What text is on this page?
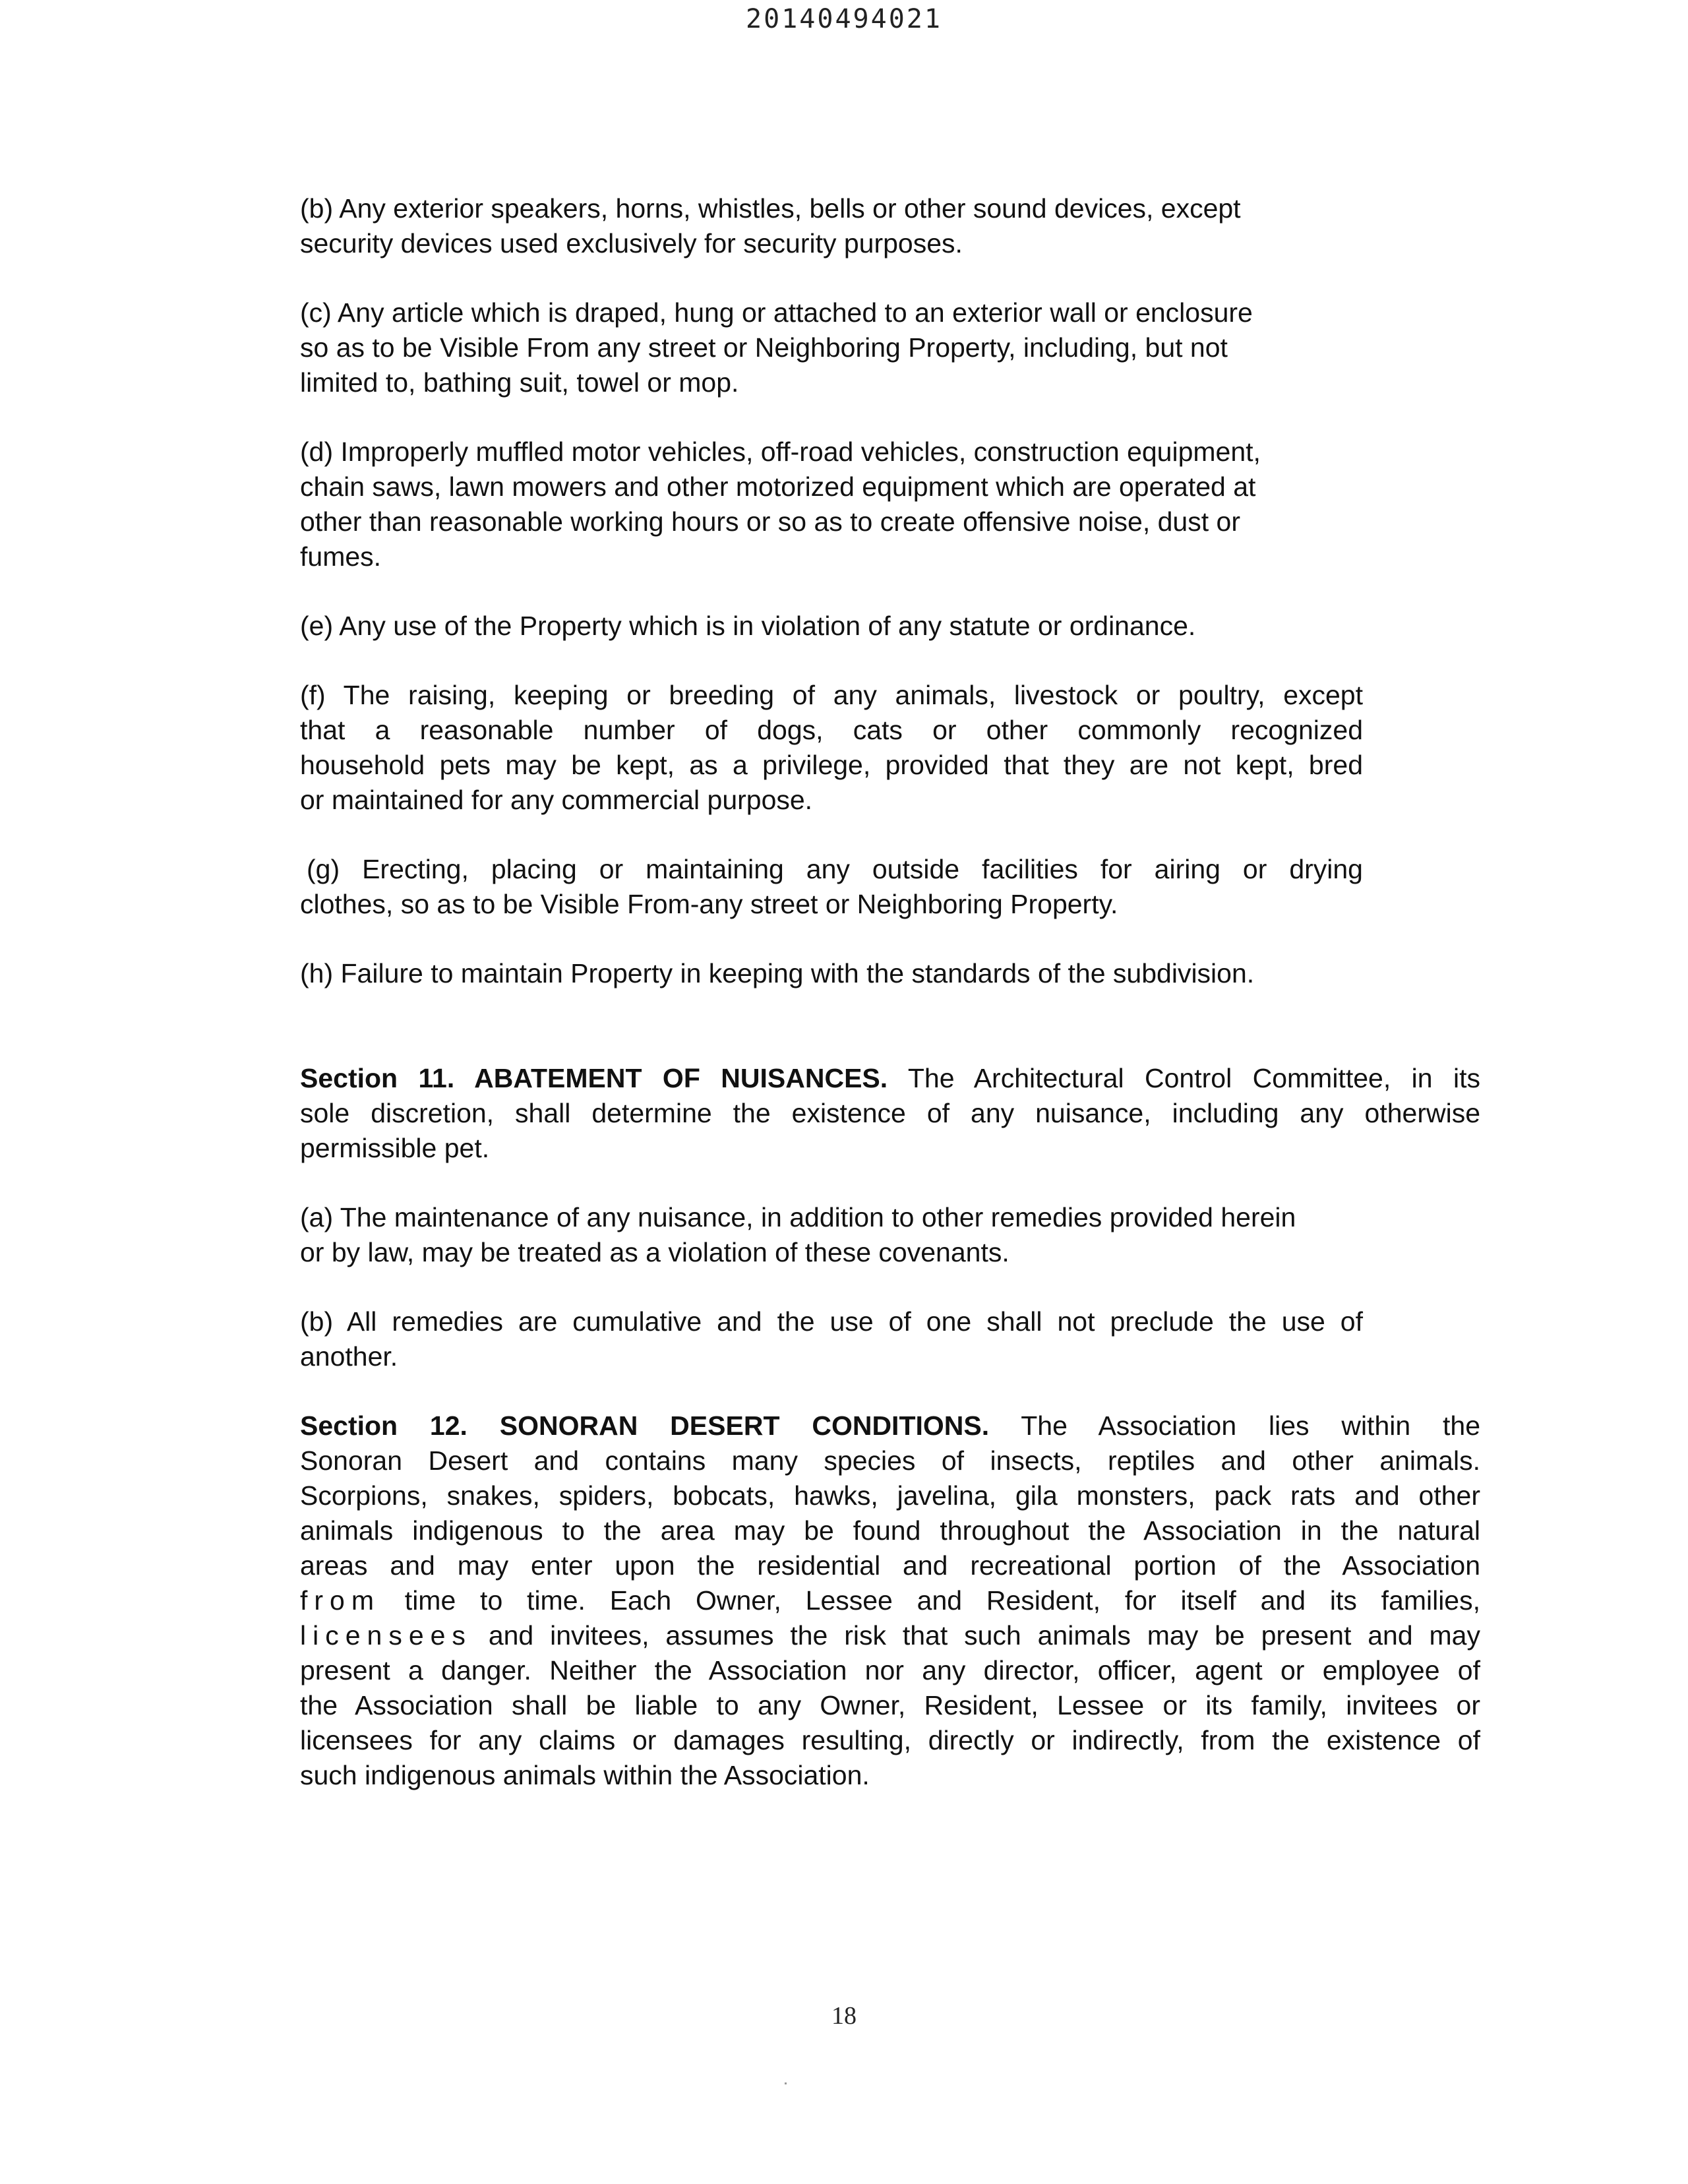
20140494021
(b) Any exterior speakers, horns, whistles, bells or other sound devices, except
security devices used exclusively for security purposes.
(c) Any article which is draped, hung or attached to an exterior wall or enclosure
so as to be Visible From any street or Neighboring Property, including, but not
limited to, bathing suit, towel or mop.
(d) Improperly muffled motor vehicles, off-road vehicles, construction equipment,
chain saws, lawn mowers and other motorized equipment which are operated at
other than reasonable working hours or so as to create offensive noise, dust or
fumes.
(e) Any use of the Property which is in violation of any statute or ordinance.
(f) The raising, keeping or breeding of any animals, livestock or poultry, except
that a reasonable number of dogs, cats or other commonly recognized
household pets may be kept, as a privilege, provided that they are not kept, bred
or maintained for any commercial purpose.
(g) Erecting, placing or maintaining any outside facilities for airing or drying
clothes, so as to be Visible From-any street or Neighboring Property.
(h) Failure to maintain Property in keeping with the standards of the subdivision.
Section 11. ABATEMENT OF NUISANCES. The Architectural Control Committee, in its
sole discretion, shall determine the existence of any nuisance, including any otherwise
permissible pet.
(a) The maintenance of any nuisance, in addition to other remedies provided herein
or by law, may be treated as a violation of these covenants.
(b) All remedies are cumulative and the use of one shall not preclude the use of
another.
Section 12. SONORAN DESERT CONDITIONS. The Association lies within the
Sonoran Desert and contains many species of insects, reptiles and other animals.
Scorpions, snakes, spiders, bobcats, hawks, javelina, gila monsters, pack rats and other
animals indigenous to the area may be found throughout the Association in the natural
areas and may enter upon the residential and recreational portion of the Association
from time to time. Each Owner, Lessee and Resident, for itself and its families,
licensees and invitees, assumes the risk that such animals may be present and may
present a danger. Neither the Association nor any director, officer, agent or employee of
the Association shall be liable to any Owner, Resident, Lessee or its family, invitees or
licensees for any claims or damages resulting, directly or indirectly, from the existence of
such indigenous animals within the Association.
18
